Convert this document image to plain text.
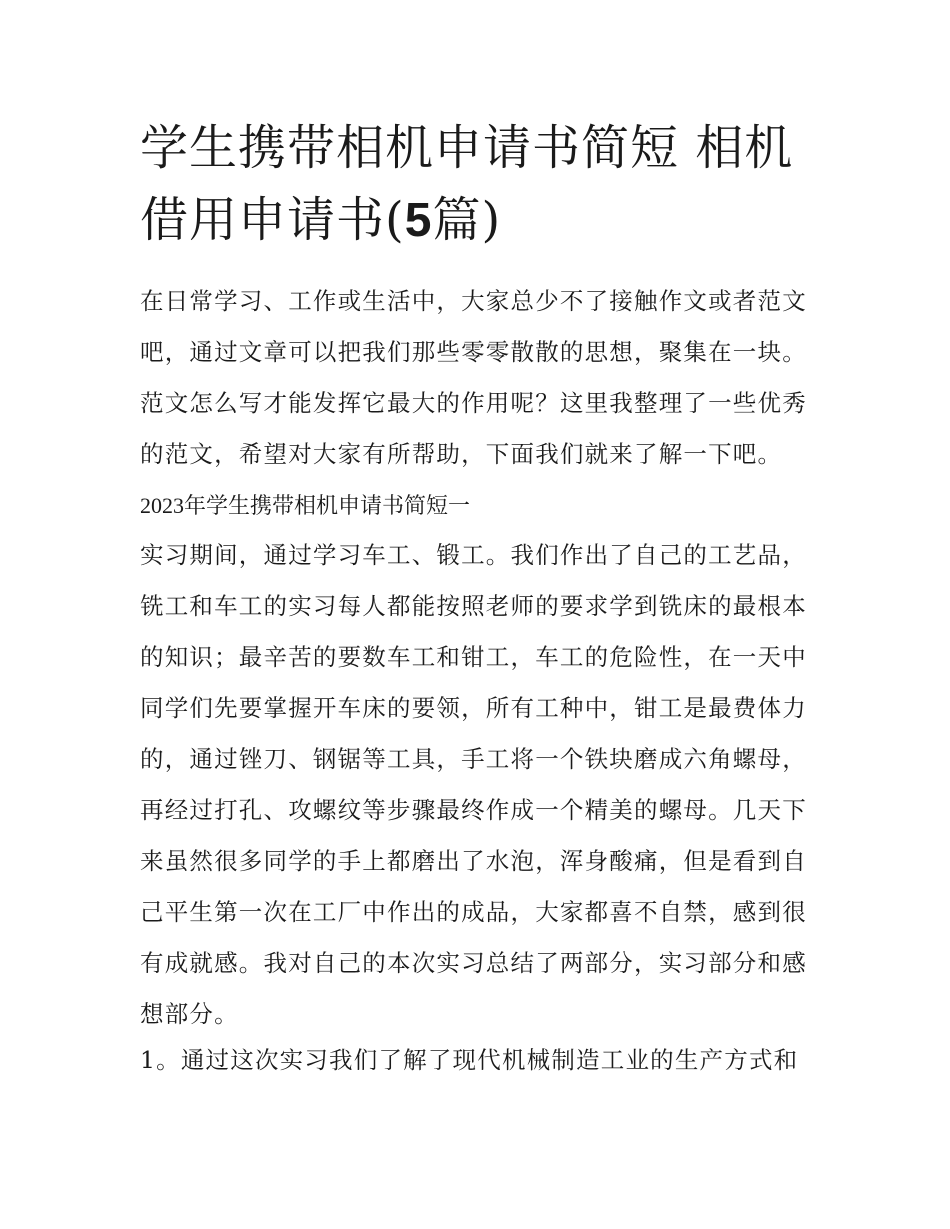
学生携带相机申请书简短 相机借用申请书(5篇)

在日常学习、工作或生活中，大家总少不了接触作文或者范文吧，通过文章可以把我们那些零零散散的思想，聚集在一块。范文怎么写才能发挥它最大的作用呢？这里我整理了一些优秀的范文，希望对大家有所帮助，下面我们就来了解一下吧。

2023年学生携带相机申请书简短一

实习期间，通过学习车工、锻工。我们作出了自己的工艺品，铣工和车工的实习每人都能按照老师的要求学到铣床的最根本的知识；最辛苦的要数车工和钳工，车工的危险性，在一天中同学们先要掌握开车床的要领，所有工种中，钳工是最费体力的，通过锉刀、钢锯等工具，手工将一个铁块磨成六角螺母，再经过打孔、攻螺纹等步骤最终作成一个精美的螺母。几天下来虽然很多同学的手上都磨出了水泡，浑身酸痛，但是看到自己平生第一次在工厂中作出的成品，大家都喜不自禁，感到很有成就感。我对自己的本次实习总结了两部分，实习部分和感想部分。

1。通过这次实习我们了解了现代机械制造工业的生产方式和
